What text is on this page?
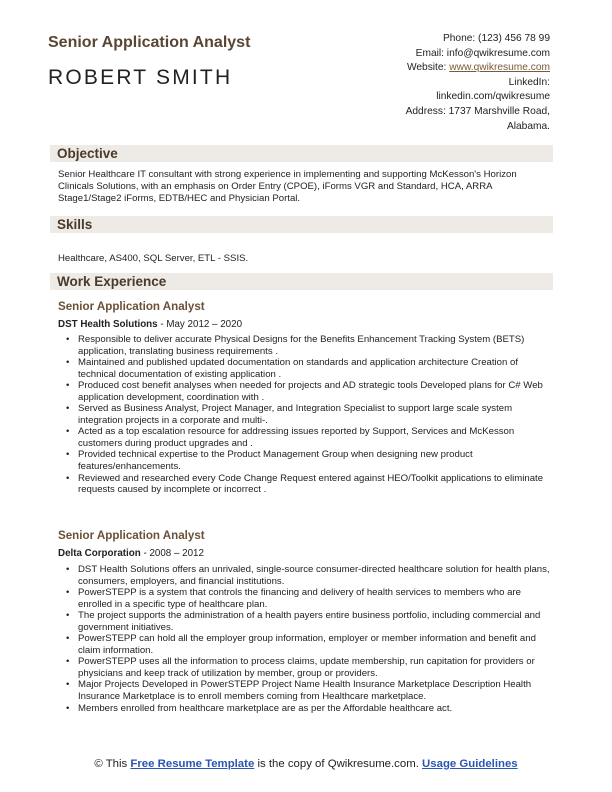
Senior Application Analyst
ROBERT SMITH
Phone: (123) 456 78 99
Email: info@qwikresume.com
Website: www.qwikresume.com
LinkedIn:
linkedin.com/qwikresume
Address: 1737 Marshville Road,
Alabama.
Objective
Senior Healthcare IT consultant with strong experience in implementing and supporting McKesson's Horizon Clinicals Solutions, with an emphasis on Order Entry (CPOE), iForms VGR and Standard, HCA, ARRA Stage1/Stage2 iForms, EDTB/HEC and Physician Portal.
Skills
Healthcare, AS400, SQL Server, ETL - SSIS.
Work Experience
Senior Application Analyst
DST Health Solutions - May 2012 – 2020
• Responsible to deliver accurate Physical Designs for the Benefits Enhancement Tracking System (BETS) application, translating business requirements .
• Maintained and published updated documentation on standards and application architecture Creation of technical documentation of existing application .
• Produced cost benefit analyses when needed for projects and AD strategic tools Developed plans for C# Web application development, coordination with .
• Served as Business Analyst, Project Manager, and Integration Specialist to support large scale system integration projects in a corporate and multi-.
• Acted as a top escalation resource for addressing issues reported by Support, Services and McKesson customers during product upgrades and .
• Provided technical expertise to the Product Management Group when designing new product features/enhancements.
• Reviewed and researched every Code Change Request entered against HEO/Toolkit applications to eliminate requests caused by incomplete or incorrect .
Senior Application Analyst
Delta Corporation - 2008 – 2012
• DST Health Solutions offers an unrivaled, single-source consumer-directed healthcare solution for health plans, consumers, employers, and financial institutions.
• PowerSTEPP is a system that controls the financing and delivery of health services to members who are enrolled in a specific type of healthcare plan.
• The project supports the administration of a health payers entire business portfolio, including commercial and government initiatives.
• PowerSTEPP can hold all the employer group information, employer or member information and benefit and claim information.
• PowerSTEPP uses all the information to process claims, update membership, run capitation for providers or physicians and keep track of utilization by member, group or providers.
• Major Projects Developed in PowerSTEPP Project Name Health Insurance Marketplace Description Health Insurance Marketplace is to enroll members coming from Healthcare marketplace.
• Members enrolled from healthcare marketplace are as per the Affordable healthcare act.
© This Free Resume Template is the copy of Qwikresume.com. Usage Guidelines
